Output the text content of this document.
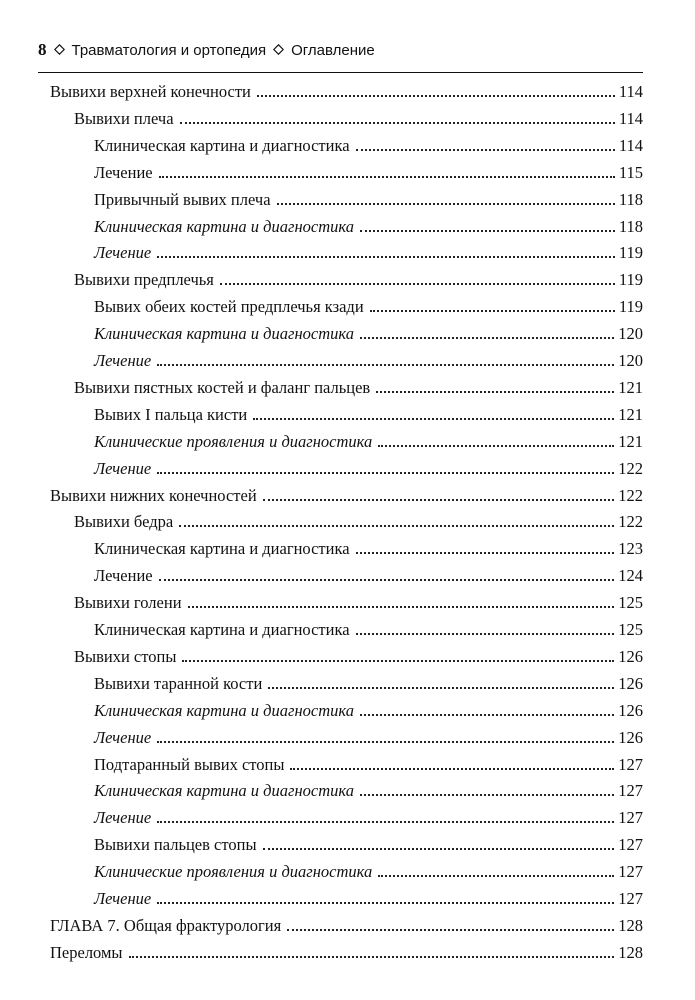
8 Травматология и ортопедия Оглавление
Вывихи верхней конечности	114
Вывихи плеча	114
Клиническая картина и диагностика	114
Лечение	115
Привычный вывих плеча	118
Клиническая картина и диагностика	118
Лечение	119
Вывихи предплечья	119
Вывих обеих костей предплечья кзади	119
Клиническая картина и диагностика	120
Лечение	120
Вывихи пястных костей и фаланг пальцев	121
Вывих I пальца кисти	121
Клинические проявления и диагностика	121
Лечение	122
Вывихи нижних конечностей	122
Вывихи бедра	122
Клиническая картина и диагностика	123
Лечение	124
Вывихи голени	125
Клиническая картина и диагностика	125
Вывихи стопы	126
Вывихи таранной кости	126
Клиническая картина и диагностика	126
Лечение	126
Подтаранный вывих стопы	127
Клиническая картина и диагностика	127
Лечение	127
Вывихи пальцев стопы	127
Клинические проявления и диагностика	127
Лечение	127
ГЛАВА 7. Общая фрактурология	128
Переломы	128
